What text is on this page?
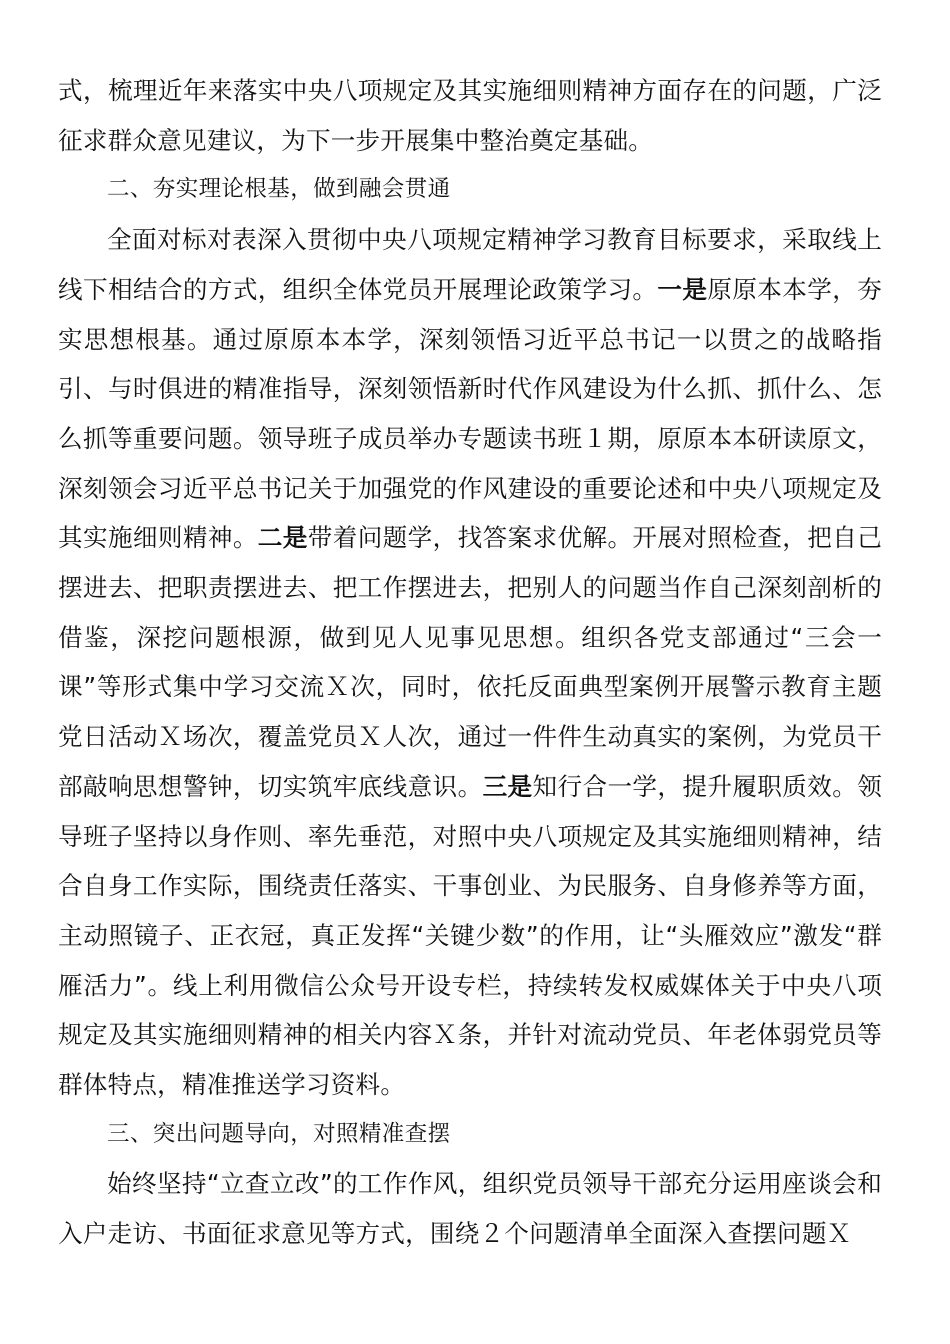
式，梳理近年来落实中央八项规定及其实施细则精神方面存在的问题，广泛征求群众意见建议，为下一步开展集中整治奠定基础。

二、夯实理论根基，做到融会贯通

全面对标对表深入贯彻中央八项规定精神学习教育目标要求，采取线上线下相结合的方式，组织全体党员开展理论政策学习。一是原原本本学，夯实思想根基。通过原原本本学，深刻领悟习近平总书记一以贯之的战略指引、与时俱进的精准指导，深刻领悟新时代作风建设为什么抓、抓什么、怎么抓等重要问题。领导班子成员举办专题读书班１期，原原本本研读原文，深刻领会习近平总书记关于加强党的作风建设的重要论述和中央八项规定及其实施细则精神。二是带着问题学，找答案求优解。开展对照检查，把自己摆进去、把职责摆进去、把工作摆进去，把别人的问题当作自己深刻剖析的借鉴，深挖问题根源，做到见人见事见思想。组织各党支部通过“三会一课”等形式集中学习交流Ｘ次，同时，依托反面典型案例开展警示教育主题党日活动Ｘ场次，覆盖党员Ｘ人次，通过一件件生动真实的案例，为党员干部敲响思想警钟，切实筑牢底线意识。三是知行合一学，提升履职质效。领导班子坚持以身作则、率先垂范，对照中央八项规定及其实施细则精神，结合自身工作实际，围绕责任落实、干事创业、为民服务、自身修养等方面，主动照镜子、正衣冠，真正发挥“关键少数”的作用，让“头雁效应”激发“群雁活力”。线上利用微信公众号开设专栏，持续转发权威媒体关于中央八项规定及其实施细则精神的相关内容Ｘ条，并针对流动党员、年老体弱党员等群体特点，精准推送学习资料。

三、突出问题导向，对照精准查摆

始终坚持“立查立改”的工作作风，组织党员领导干部充分运用座谈会和入户走访、书面征求意见等方式，围绕２个问题清单全面深入查摆问题Ｘ
